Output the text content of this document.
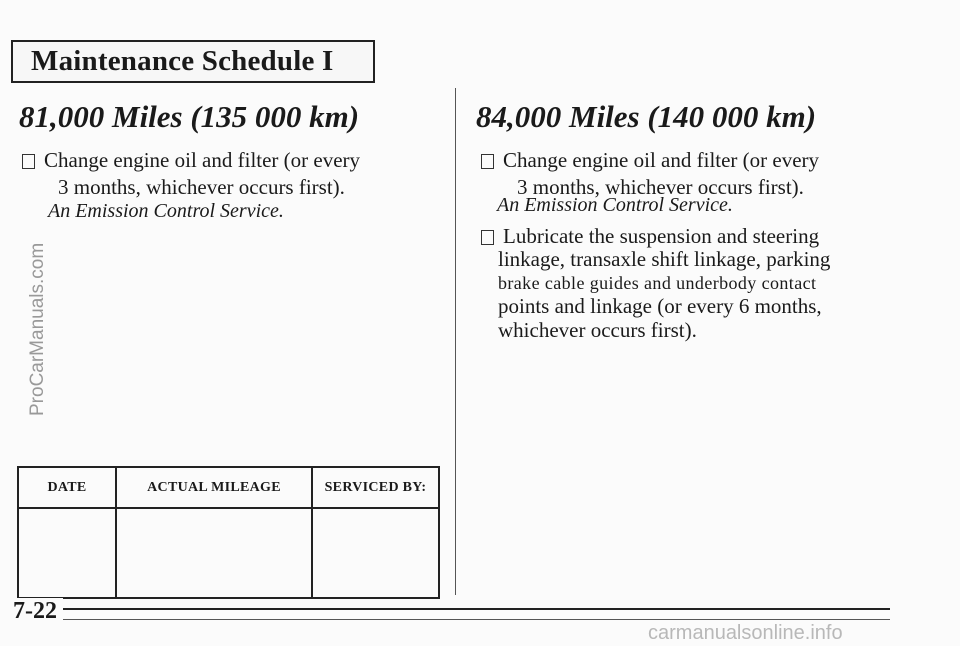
Maintenance Schedule I
ProCarManuals.com
81,000 Miles (135 000 km)
Change engine oil and filter (or every
3 months, whichever occurs first).
An Emission Control Service.
84,000 Miles (140 000 km)
Change engine oil and filter (or every
3 months, whichever occurs first).
An Emission Control Service.
Lubricate the suspension and steering
linkage, transaxle shift linkage, parking
brake cable guides and underbody contact
points and linkage (or every 6 months,
whichever occurs first).
DATE	ACTUAL MILEAGE	SERVICED BY:

7-22
carmanualsonline.info
